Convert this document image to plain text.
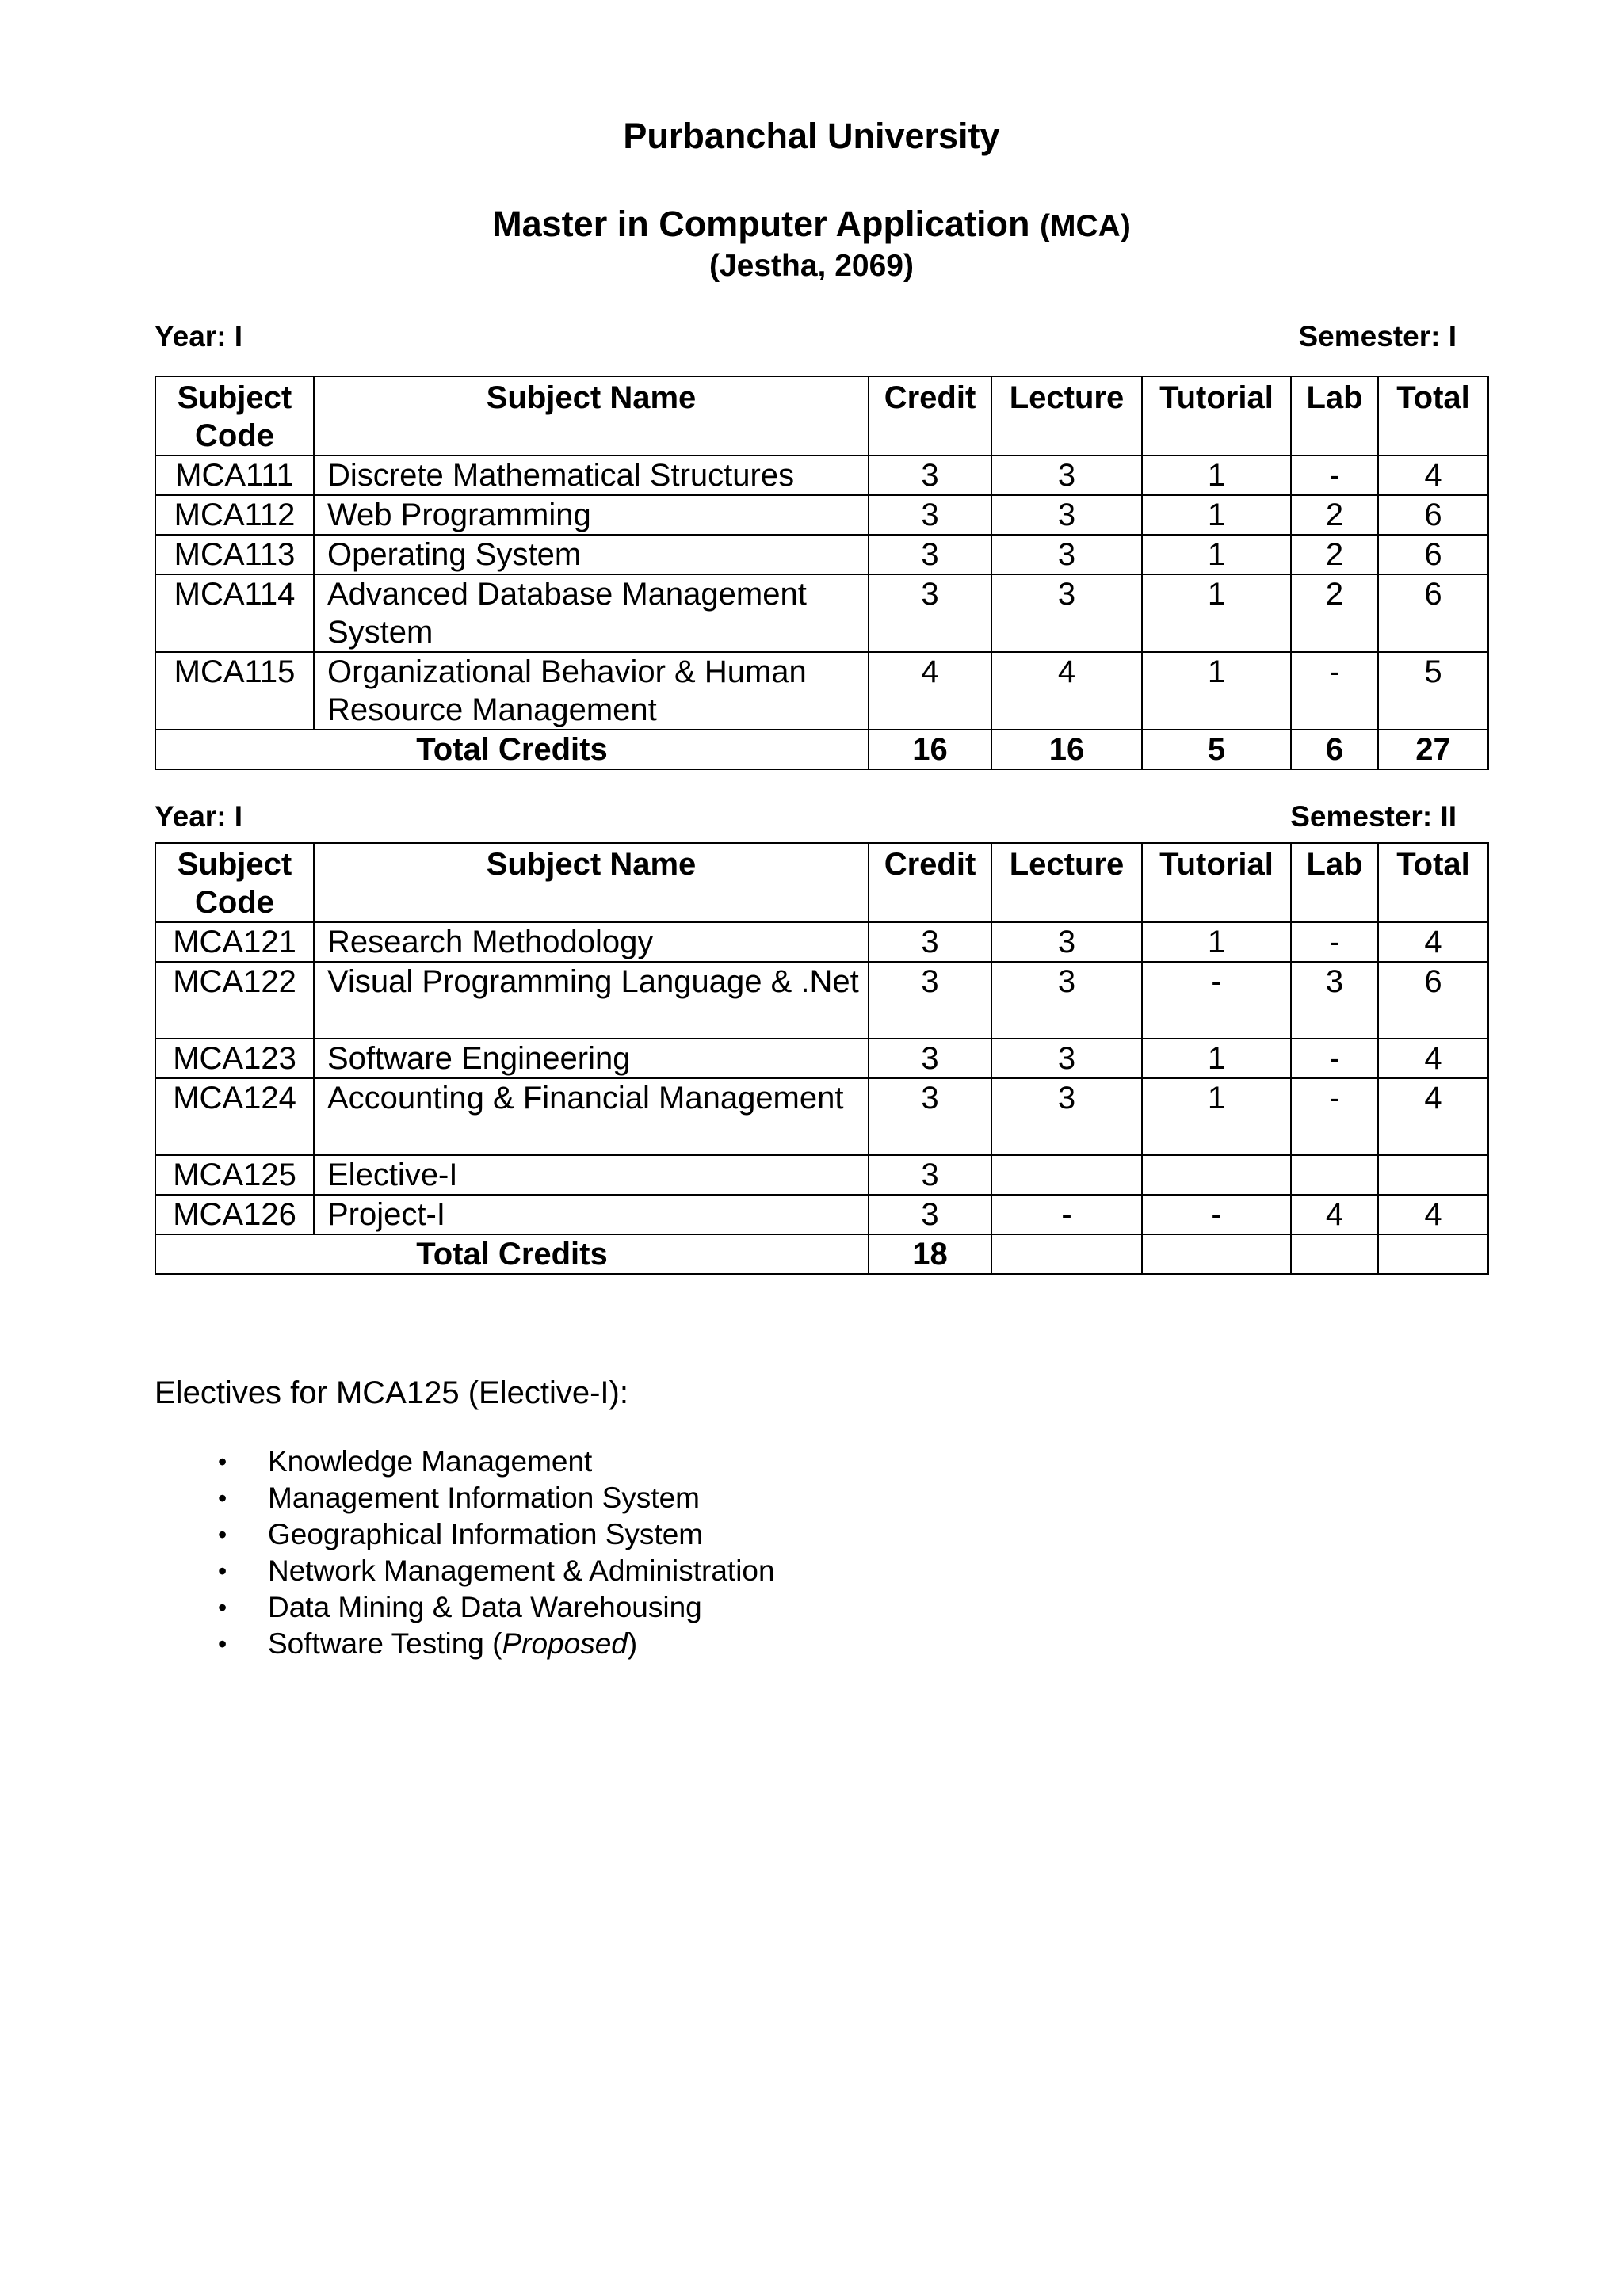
Purbanchal University
Master in Computer Application (MCA)
(Jestha, 2069)
Year: I	Semester: I
Subject Code	Subject Name	Credit	Lecture	Tutorial	Lab	Total
MCA111	Discrete Mathematical Structures	3	3	1	-	4
MCA112	Web Programming	3	3	1	2	6
MCA113	Operating System	3	3	1	2	6
MCA114	Advanced Database Management System	3	3	1	2	6
MCA115	Organizational Behavior & Human Resource Management	4	4	1	-	5
Total Credits		16	16	5	6	27
Year: I	Semester: II
Subject Code	Subject Name	Credit	Lecture	Tutorial	Lab	Total
MCA121	Research Methodology	3	3	1	-	4
MCA122	Visual Programming Language & .Net	3	3	-	3	6
MCA123	Software Engineering	3	3	1	-	4
MCA124	Accounting & Financial Management	3	3	1	-	4
MCA125	Elective-I	3				
MCA126	Project-I	3	-	-	4	4
Total Credits		18				
Electives for MCA125 (Elective-I):
• Knowledge Management
• Management Information System
• Geographical Information System
• Network Management & Administration
• Data Mining & Data Warehousing
• Software Testing (Proposed)
